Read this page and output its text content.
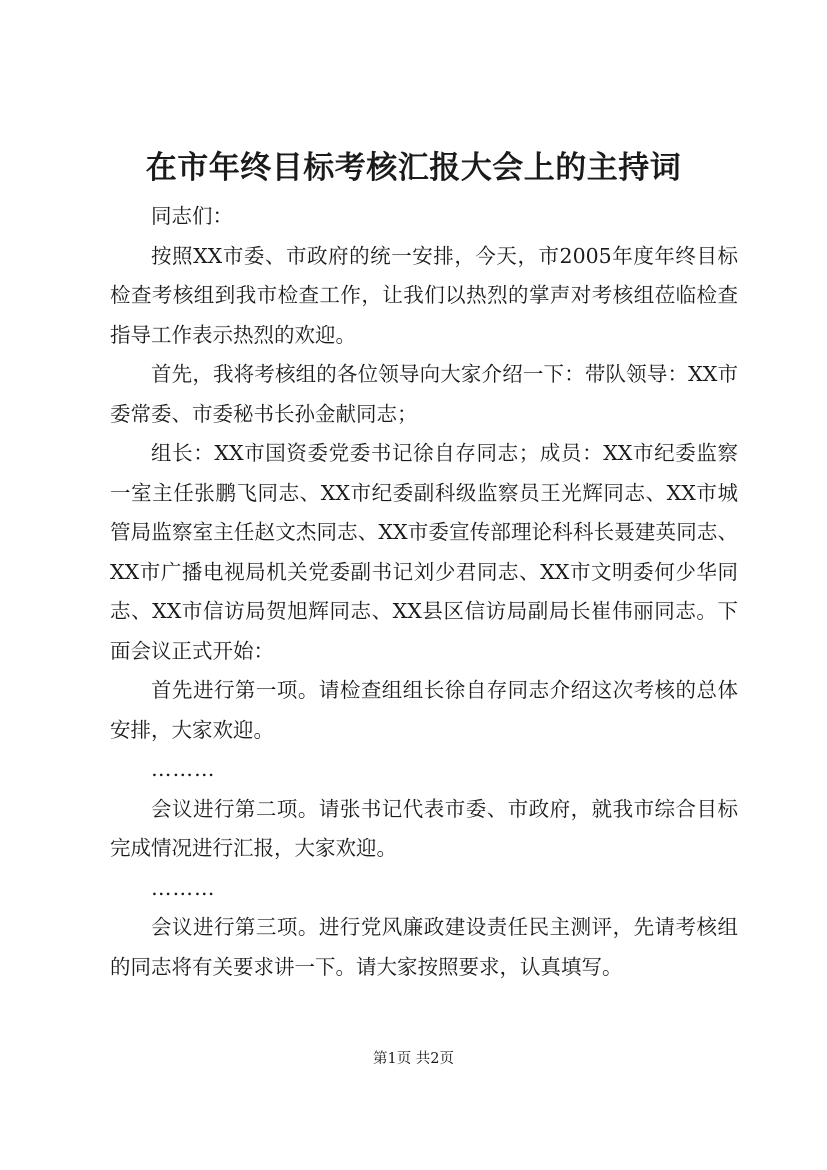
在市年终目标考核汇报大会上的主持词

同志们：

按照XX市委、市政府的统一安排，今天，市2005年度年终目标检查考核组到我市检查工作，让我们以热烈的掌声对考核组莅临检查指导工作表示热烈的欢迎。

首先，我将考核组的各位领导向大家介绍一下：带队领导：XX市委常委、市委秘书长孙金献同志；

组长：XX市国资委党委书记徐自存同志；成员：XX市纪委监察一室主任张鹏飞同志、XX市纪委副科级监察员王光辉同志、XX市城管局监察室主任赵文杰同志、XX市委宣传部理论科科长聂建英同志、XX市广播电视局机关党委副书记刘少君同志、XX市文明委何少华同志、XX市信访局贺旭辉同志、XX县区信访局副局长崔伟丽同志。下面会议正式开始：

首先进行第一项。请检查组组长徐自存同志介绍这次考核的总体安排，大家欢迎。

………

会议进行第二项。请张书记代表市委、市政府，就我市综合目标完成情况进行汇报，大家欢迎。

………

会议进行第三项。进行党风廉政建设责任民主测评，先请考核组的同志将有关要求讲一下。请大家按照要求，认真填写。

第1页 共2页
